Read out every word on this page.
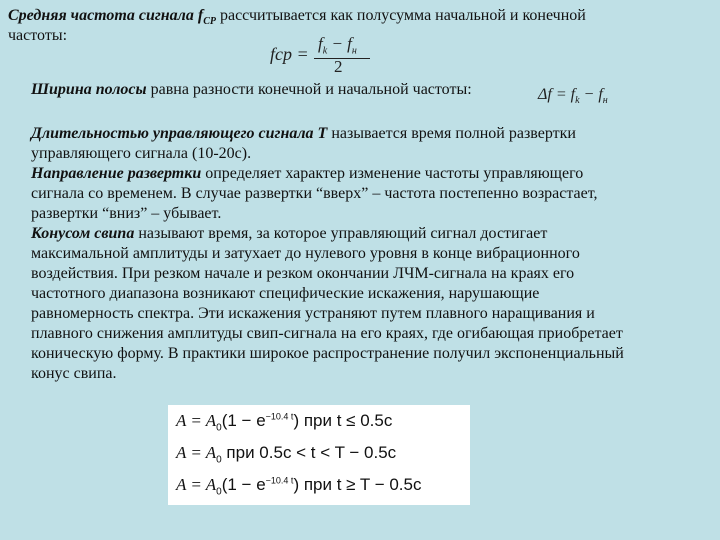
Средняя частота сигнала $f_{СР}$ рассчитывается как полусумма начальной и конечной
частоты:
fcp =
$f_k - f_н$
2
Ширина полосы равна разности конечной и начальной частоты:	$\Delta f = f_k - f_н$
Длительностью управляющего сигнала Т называется время полной развертки
управляющего сигнала (10-20с).
Направление развертки определяет характер изменение частоты управляющего
сигнала со временем. В случае развертки “вверх” – частота постепенно возрастает,
развертки “вниз” – убывает.
Конусом свипа называют время, за которое управляющий сигнал достигает
максимальной амплитуды и затухает до нулевого уровня в конце вибрационного
воздействия. При резком начале и резком окончании ЛЧМ-сигнала на краях его
частотного диапазона возникают специфические искажения, нарушающие
равномерность спектра. Эти искажения устраняют путем плавного наращивания и
плавного снижения амплитуды свип-сигнала на его краях, где огибающая приобретает
коническую форму. В практики широкое распространение получил экспоненциальный
конус свипа.
$A = A_0(1 - e^{-10.4 t})$ при t ≤ 0.5c
$A = A_0$ при 0.5c < t < T − 0.5c
$A = A_0(1 - e^{-10.4 t})$ при t ≥ T − 0.5c
